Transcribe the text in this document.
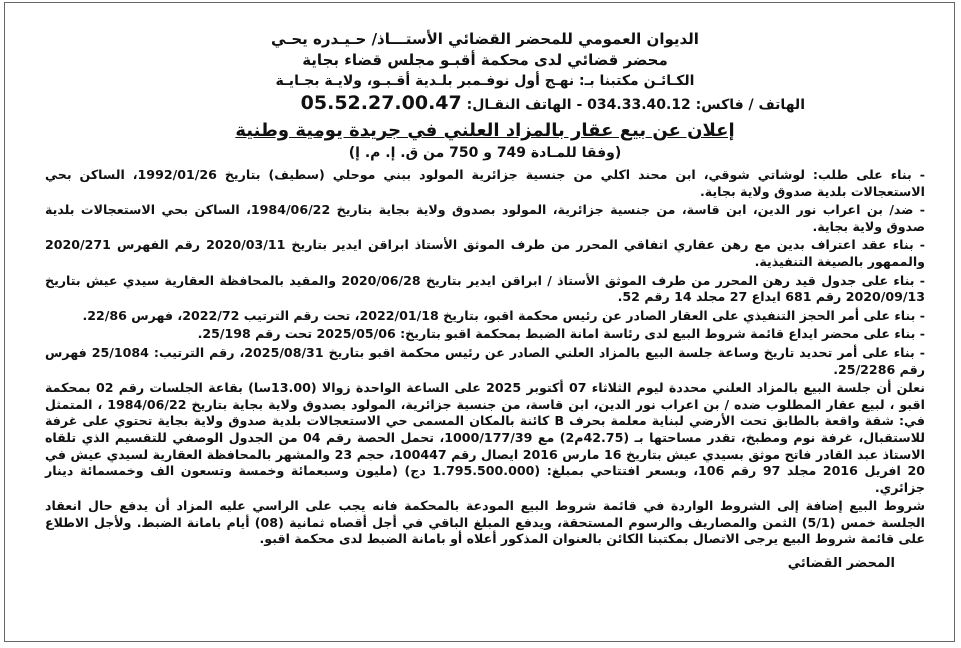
الديوان العمومي للمحضر القضائي الأستـــاذ/ حـيـدره يحـي
محضر قضائي لدى محكمة أقبـو مجلس قضاء بجاية
الكـائـن مكتبنا بـ: نهـج أول نوفـمبر بلـدية أقـبـو، ولايـة بجـايـة
الهاتف / فاكس: 034.33.40.12 - الهاتف النقـال: 05.52.27.00.47
إعلان عن بيع عقار بالمزاد العلني في جريدة يومية وطنية
(وفقا للمـادة 749 و 750 من ق. إ. م. إ)

- بناء على طلب: لوشاتي شوقي، ابن محند اكلي من جنسية جزائرية المولود ببني موحلي (سطيف) بتاريخ 1992/01/26، الساكن بحي الاستعجالات بلدية صدوق ولاية بجاية.

- ضد/ بن اعراب نور الدين، ابن قاسة، من جنسية جزائرية، المولود بصدوق ولاية بجاية بتاريخ 1984/06/22، الساكن بحي الاستعجالات بلدية صدوق ولاية بجاية.

- بناء عقد اعتراف بدين مع رهن عقاري اتفاقي المحرر من طرف الموثق الأستاذ ابراقن ايدير بتاريخ 2020/03/11 رقم الفهرس 2020/271 والممهور بالصيغة التنفيذية.

- بناء على جدول قيد رهن المحرر من طرف الموثق الأستاذ / ابراقن ايدير بتاريخ 2020/06/28 والمقيد بالمحافظة العقارية سيدي عيش بتاريخ 2020/09/13 رقم 681 ايداع 27 مجلد 14 رقم 52.

- بناء على أمر الحجز التنفيذي على العقار الصادر عن رئيس محكمة اقبو، بتاريخ 2022/01/18، تحت رقم الترتيب 2022/72، فهرس 22/86.

- بناء على محضر ايداع قائمة شروط البيع لدى رئاسة امانة الضبط بمحكمة اقبو بتاريخ: 2025/05/06 تحت رقم 25/198.

- بناء على أمر تحديد تاريخ وساعة جلسة البيع بالمزاد العلني الصادر عن رئيس محكمة اقبو بتاريخ 2025/08/31، رقم الترتيب: 25/1084 فهرس رقم 25/2286.

نعلن أن جلسة البيع بالمزاد العلني محددة ليوم الثلاثاء 07 أكتوبر 2025 على الساعة الواحدة زوالا (13.00سا) بقاعة الجلسات رقم 02 بمحكمة اقبو ، لبيع عقار المطلوب ضده / بن اعراب نور الدين، ابن قاسة، من جنسية جزائرية، المولود بصدوق ولاية بجاية بتاريخ 1984/06/22 ، المتمثل في: شقة واقعة بالطابق تحت الأرضي لبناية معلمة بحرف B كائنة بالمكان المسمى حي الاستعجالات بلدية صدوق ولاية بجاية تحتوي على غرفة للاستقبال، غرفة نوم ومطبخ، تقدر مساحتها بـ (42.75م2) مع 1000/177/39، تحمل الحصة رقم 04 من الجدول الوصفي للتقسيم الذي تلقاه الاستاذ عبد القادر فاتح موثق بسيدي عيش بتاريخ 16 مارس 2016 ايصال رقم 100447، حجم 23 والمشهر بالمحافظة العقارية لسيدي عيش في 20 افريل 2016 مجلد 97 رقم 106، وبسعر افتتاحي بمبلغ: (1.795.500.000 دج) (مليون وسبعمائة وخمسة وتسعون الف وخمسمائة دينار جزائري.

شروط البيع إضافة إلى الشروط الواردة في قائمة شروط البيع المودعة بالمحكمة فانه يجب على الراسي عليه المزاد أن يدفع حال انعقاد الجلسة خمس (5/1) الثمن والمصاريف والرسوم المستحقة، ويدفع المبلغ الباقي في أجل أقصاه ثمانية (08) أيام بامانة الضبط. ولأجل الاطلاع على قائمة شروط البيع يرجى الاتصال بمكتبنا الكائن بالعنوان المذكور أعلاه أو بامانة الضبط لدى محكمة اقبو.

المحضر القضائي
